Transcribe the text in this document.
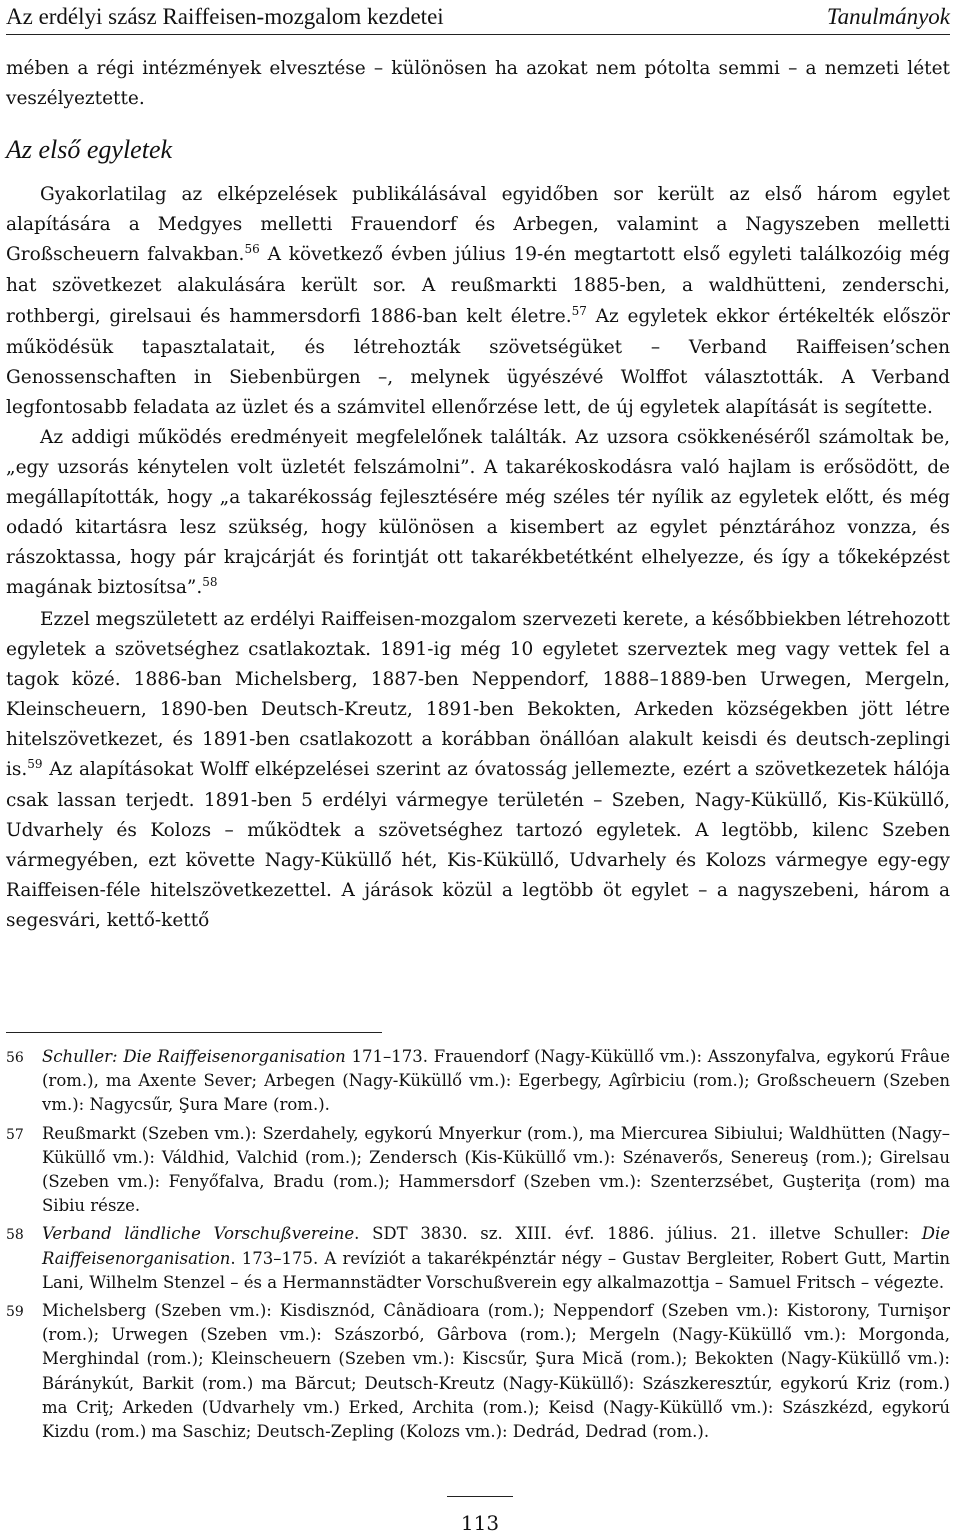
Az erdélyi szász Raiffeisen-mozgalom kezdetei	Tanulmányok

mében a régi intézmények elvesztése – különösen ha azokat nem pótolta semmi – a nemzeti létet veszélyeztette.

Az első egyletek

Gyakorlatilag az elképzelések publikálásával egyidőben sor került az első három egylet alapítására a Medgyes melletti Frauendorf és Arbegen, valamint a Nagyszeben melletti Großscheuern falvakban.$^{56}$ A következő évben július 19-én megtartott első egyleti találkozóig még hat szövetkezet alakulására került sor. A reußmarkti 1885-ben, a waldhütteni, zenderschi, rothbergi, girelsaui és hammersdorfi 1886-ban kelt életre.$^{57}$ Az egyletek ekkor értékelték először működésük tapasztalatait, és létrehozták szövetségüket – Verband Raiffeisen’schen Genossenschaften in Siebenbürgen –, melynek ügyészévé Wolffot választották. A Verband legfontosabb feladata az üzlet és a számvitel ellenőrzése lett, de új egyletek alapítását is segítette.

Az addigi működés eredményeit megfelelőnek találták. Az uzsora csökkenéséről számoltak be, „egy uzsorás kénytelen volt üzletét felszámolni”. A takarékoskodásra való hajlam is erősödött, de megállapították, hogy „a takarékosság fejlesztésére még széles tér nyílik az egyletek előtt, és még odadó kitartásra lesz szükség, hogy különösen a kisembert az egylet pénztárához vonzza, és rászoktassa, hogy pár krajcárját és forintját ott takarékbetétként elhelyezze, és így a tőkeképzést magának biztosítsa”.$^{58}$

Ezzel megszületett az erdélyi Raiffeisen-mozgalom szervezeti kerete, a későbbiekben létrehozott egyletek a szövetséghez csatlakoztak. 1891-ig még 10 egyletet szerveztek meg vagy vettek fel a tagok közé. 1886-ban Michelsberg, 1887-ben Neppendorf, 1888–1889-ben Urwegen, Mergeln, Kleinscheuern, 1890-ben Deutsch-Kreutz, 1891-ben Bekokten, Arkeden községekben jött létre hitelszövetkezet, és 1891-ben csatlakozott a korábban önállóan alakult keisdi és deutsch-zeplingi is.$^{59}$ Az alapításokat Wolff elképzelései szerint az óvatosság jellemezte, ezért a szövetkezetek hálója csak lassan terjedt. 1891-ben 5 erdélyi vármegye területén – Szeben, Nagy-Küküllő, Kis-Küküllő, Udvarhely és Kolozs – működtek a szövetséghez tartozó egyletek. A legtöbb, kilenc Szeben vármegyében, ezt követte Nagy-Küküllő hét, Kis-Küküllő, Udvarhely és Kolozs vármegye egy-egy Raiffeisen-féle hitelszövetkezettel. A járások közül a legtöbb öt egylet – a nagyszebeni, három a segesvári, kettő-kettő

56	Schuller: Die Raiffeisenorganisation 171–173. Frauendorf (Nagy-Küküllő vm.): Asszonyfalva, egykorú Frâue (rom.), ma Axente Sever; Arbegen (Nagy-Küküllő vm.): Egerbegy, Agîrbiciu (rom.); Großscheuern (Szeben vm.): Nagycsűr, Şura Mare (rom.).
57	Reußmarkt (Szeben vm.): Szerdahely, egykorú Mnyerkur (rom.), ma Miercurea Sibiului; Waldhütten (Nagy– Küküllő vm.): Váldhid, Valchid (rom.); Zendersch (Kis-Küküllő vm.): Szénaverős, Senereuş (rom.); Girelsau (Szeben vm.): Fenyőfalva, Bradu (rom.); Hammersdorf (Szeben vm.): Szenterzsébet, Guşteriţa (rom) ma Sibiu része.
58	Verband ländliche Vorschußvereine. SDT 3830. sz. XIII. évf. 1886. július. 21. illetve Schuller: Die Raiffeisenorganisation. 173–175. A revíziót a takarékpénztár négy – Gustav Bergleiter, Robert Gutt, Martin Lani, Wilhelm Stenzel – és a Hermannstädter Vorschußverein egy alkalmazottja – Samuel Fritsch – végezte.
59	Michelsberg (Szeben vm.): Kisdisznód, Cânădioara (rom.); Neppendorf (Szeben vm.): Kistorony, Turnişor (rom.); Urwegen (Szeben vm.): Szászorbó, Gârbova (rom.); Mergeln (Nagy-Küküllő vm.): Morgonda, Merghindal (rom.); Kleinscheuern (Szeben vm.): Kiscsűr, Şura Mică (rom.); Bekokten (Nagy-Küküllő vm.): Báránykút, Barkit (rom.) ma Bărcut; Deutsch-Kreutz (Nagy-Küküllő): Szászkeresztúr, egykorú Kriz (rom.) ma Criţ; Arkeden (Udvarhely vm.) Erked, Archita (rom.); Keisd (Nagy-Küküllő vm.): Szászkézd, egykorú Kizdu (rom.) ma Saschiz; Deutsch-Zepling (Kolozs vm.): Dedrád, Dedrad (rom.).
113
